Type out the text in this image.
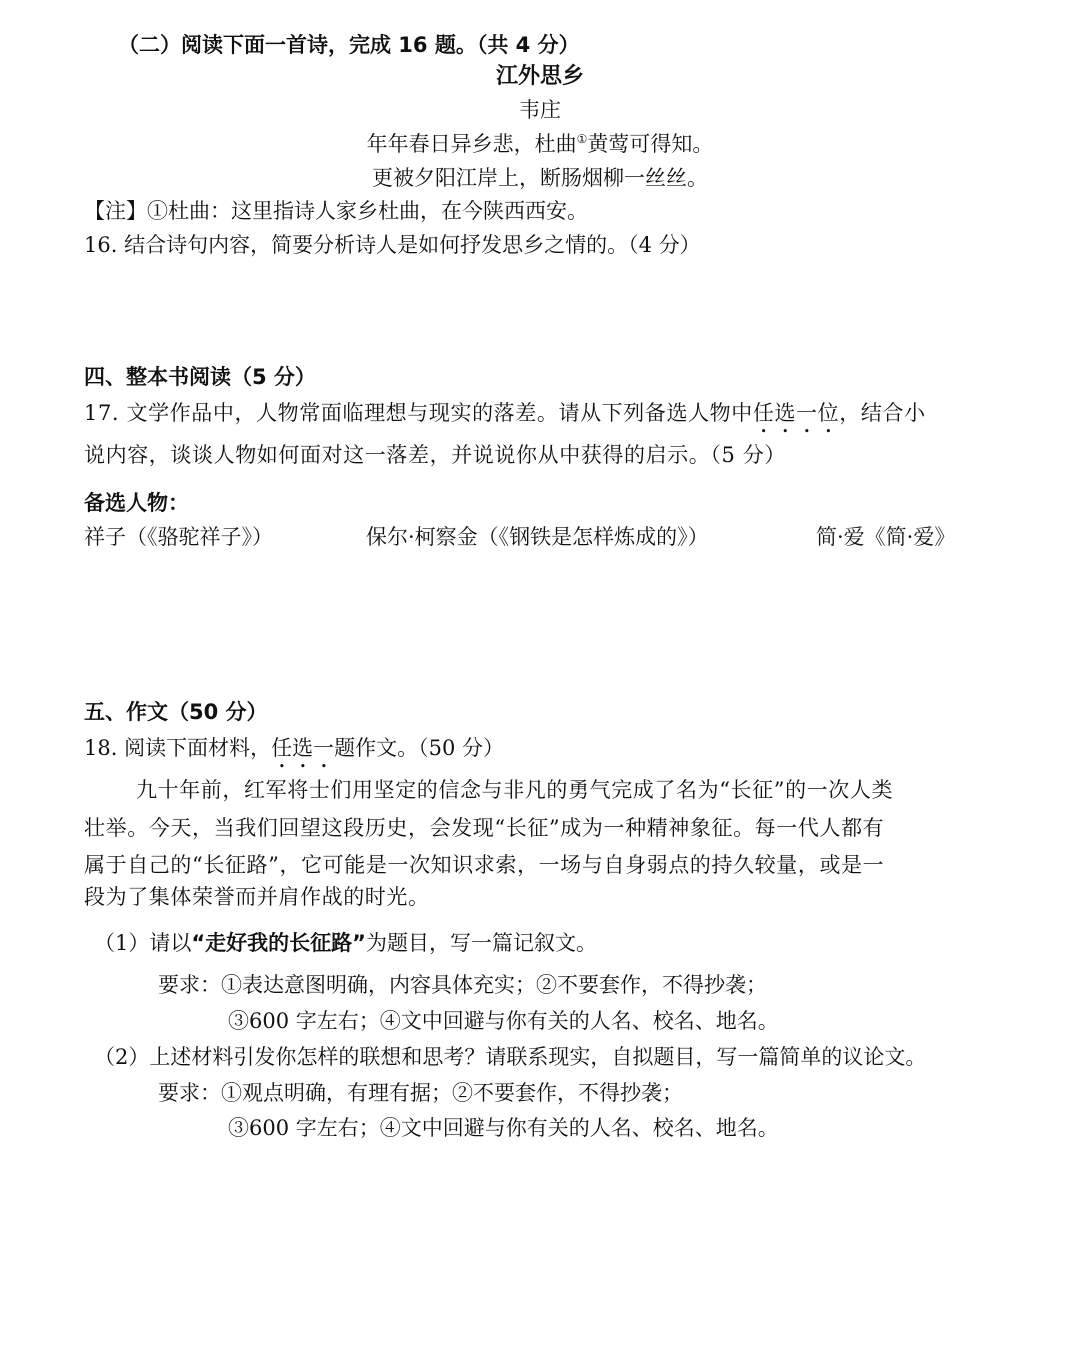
（二）阅读下面一首诗，完成 16 题。（共 4 分）
江外思乡
韦庄
年年春日异乡悲，杜曲①黄莺可得知。
更被夕阳江岸上，断肠烟柳一丝丝。
【注】①杜曲：这里指诗人家乡杜曲，在今陕西西安。
16. 结合诗句内容，简要分析诗人是如何抒发思乡之情的。（4 分）
四、整本书阅读（5 分）
17. 文学作品中，人物常面临理想与现实的落差。请从下列备选人物中任选一位，结合小
说内容，谈谈人物如何面对这一落差，并说说你从中获得的启示。（5 分）
备选人物：
祥子（《骆驼祥子》）	保尔·柯察金（《钢铁是怎样炼成的》）	简·爱《简·爱》
五、作文（50 分）
18. 阅读下面材料，任选一题作文。（50 分）
九十年前，红军将士们用坚定的信念与非凡的勇气完成了名为“长征”的一次人类
壮举。今天，当我们回望这段历史，会发现“长征”成为一种精神象征。每一代人都有
属于自己的“长征路”，它可能是一次知识求索，一场与自身弱点的持久较量，或是一
段为了集体荣誉而并肩作战的时光。
（1）请以“走好我的长征路”为题目，写一篇记叙文。
要求：①表达意图明确，内容具体充实；②不要套作，不得抄袭；
③600 字左右；④文中回避与你有关的人名、校名、地名。
（2）上述材料引发你怎样的联想和思考？请联系现实，自拟题目，写一篇简单的议论文。
要求：①观点明确，有理有据；②不要套作，不得抄袭；
③600 字左右；④文中回避与你有关的人名、校名、地名。
